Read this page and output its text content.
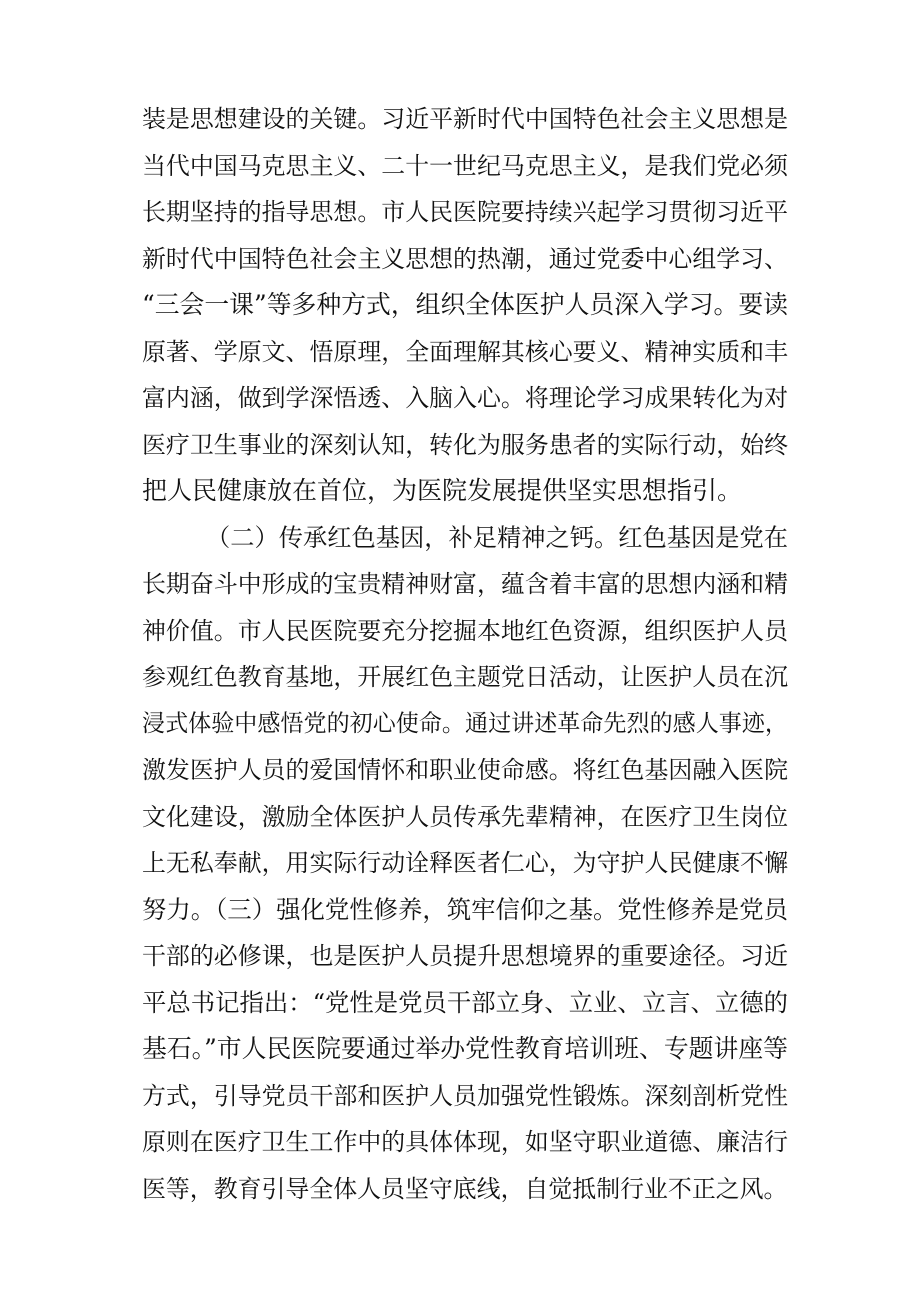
装是思想建设的关键。习近平新时代中国特色社会主义思想是
当代中国马克思主义、二十一世纪马克思主义，是我们党必须
长期坚持的指导思想。市人民医院要持续兴起学习贯彻习近平
新时代中国特色社会主义思想的热潮，通过党委中心组学习、
“三会一课”等多种方式，组织全体医护人员深入学习。要读
原著、学原文、悟原理，全面理解其核心要义、精神实质和丰
富内涵，做到学深悟透、入脑入心。将理论学习成果转化为对
医疗卫生事业的深刻认知，转化为服务患者的实际行动，始终
把人民健康放在首位，为医院发展提供坚实思想指引。
（二）传承红色基因，补足精神之钙。红色基因是党在
长期奋斗中形成的宝贵精神财富，蕴含着丰富的思想内涵和精
神价值。市人民医院要充分挖掘本地红色资源，组织医护人员
参观红色教育基地，开展红色主题党日活动，让医护人员在沉
浸式体验中感悟党的初心使命。通过讲述革命先烈的感人事迹，
激发医护人员的爱国情怀和职业使命感。将红色基因融入医院
文化建设，激励全体医护人员传承先辈精神，在医疗卫生岗位
上无私奉献，用实际行动诠释医者仁心，为守护人民健康不懈
努力。（三）强化党性修养，筑牢信仰之基。党性修养是党员
干部的必修课，也是医护人员提升思想境界的重要途径。习近
平总书记指出：“党性是党员干部立身、立业、立言、立德的
基石。”市人民医院要通过举办党性教育培训班、专题讲座等
方式，引导党员干部和医护人员加强党性锻炼。深刻剖析党性
原则在医疗卫生工作中的具体体现，如坚守职业道德、廉洁行
医等，教育引导全体人员坚守底线，自觉抵制行业不正之风。
